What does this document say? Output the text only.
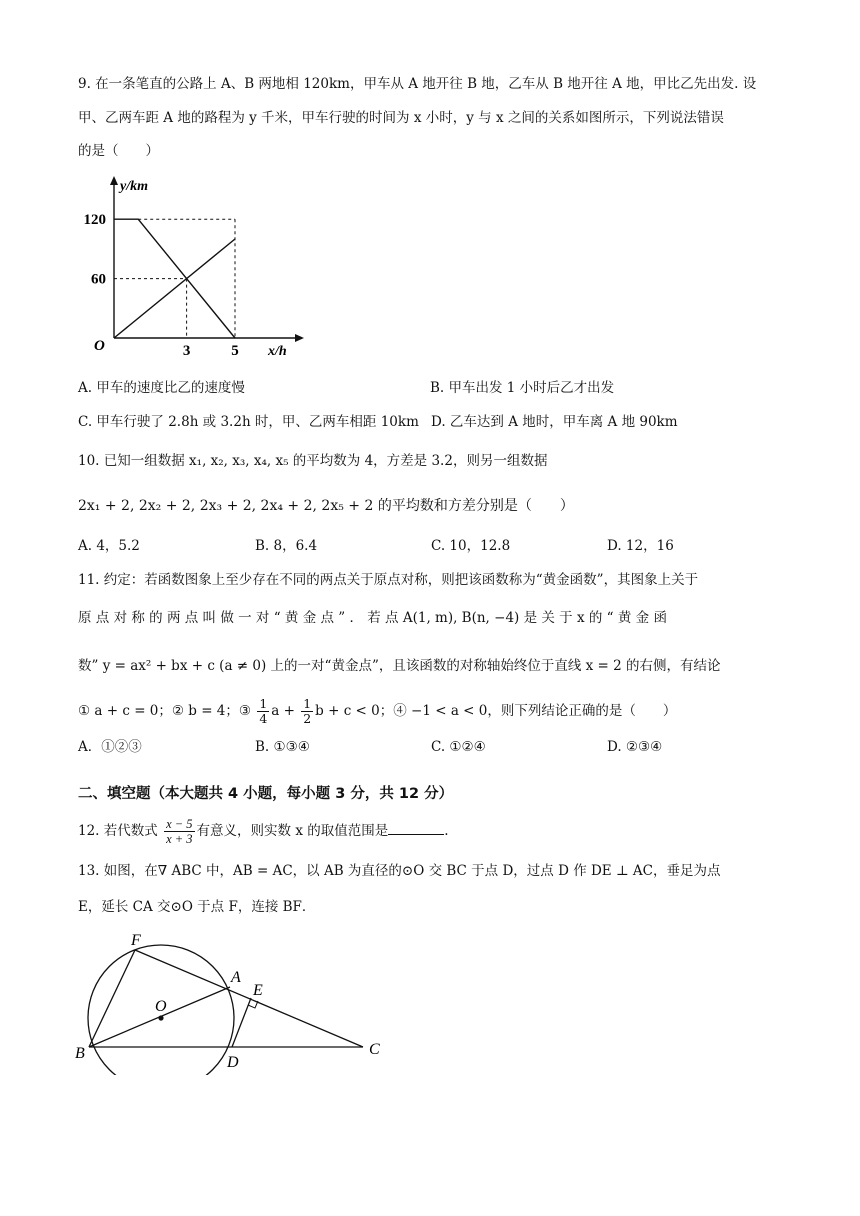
9. 在一条笔直的公路上 A、B 两地相 120km，甲车从 A 地开往 B 地，乙车从 B 地开往 A 地，甲比乙先出发. 设
甲、乙两车距 A 地的路程为 y 千米，甲车行驶的时间为 x 小时，y 与 x 之间的关系如图所示，下列说法错误
的是（　　）
y/km
x/h
O
120
60
3	5
A. 甲车的速度比乙的速度慢	B. 甲车出发 1 小时后乙才出发
C. 甲车行驶了 2.8h 或 3.2h 时，甲、乙两车相距 10km D. 乙车达到 A 地时，甲车离 A 地 90km
10. 已知一组数据 x₁, x₂, x₃, x₄, x₅ 的平均数为 4，方差是 3.2，则另一组数据
2x₁ + 2, 2x₂ + 2, 2x₃ + 2, 2x₄ + 2, 2x₅ + 2 的平均数和方差分别是（　　）
A. 4，5.2	B. 8，6.4	C. 10，12.8	D. 12，16
11. 约定：若函数图象上至少存在不同的两点关于原点对称，则把该函数称为“黄金函数”，其图象上关于
原 点 对 称 的 两 点 叫 做 一 对 “ 黄 金 点 ” ． 若 点 A(1, m), B(n, −4) 是 关 于 x 的 “ 黄 金 函
数” y = ax² + bx + c (a ≠ 0) 上的一对“黄金点”，且该函数的对称轴始终位于直线 x = 2 的右侧，有结论
① a + c = 0；② b = 4；③ $\frac{1}{4}$ $a + \frac{1}{2}$ b + c < 0；④ −1 < a < 0，则下列结论正确的是（　　）
A．①②③	B. ①③④	C. ①②④	D. ②③④
二、填空题（本大题共 4 小题，每小题 3 分，共 12 分）
12. 若代数式 $\frac{x - 5}{x + 3}$ 有意义，则实数 x 的取值范围是	.
13. 如图，在∇ ABC 中，AB = AC，以 AB 为直径的⊙O 交 BC 于点 D，过点 D 作 DE ⊥ AC，垂足为点
E，延长 CA 交⊙O 于点 F，连接 BF．
F
A
E
O
B
D
C
